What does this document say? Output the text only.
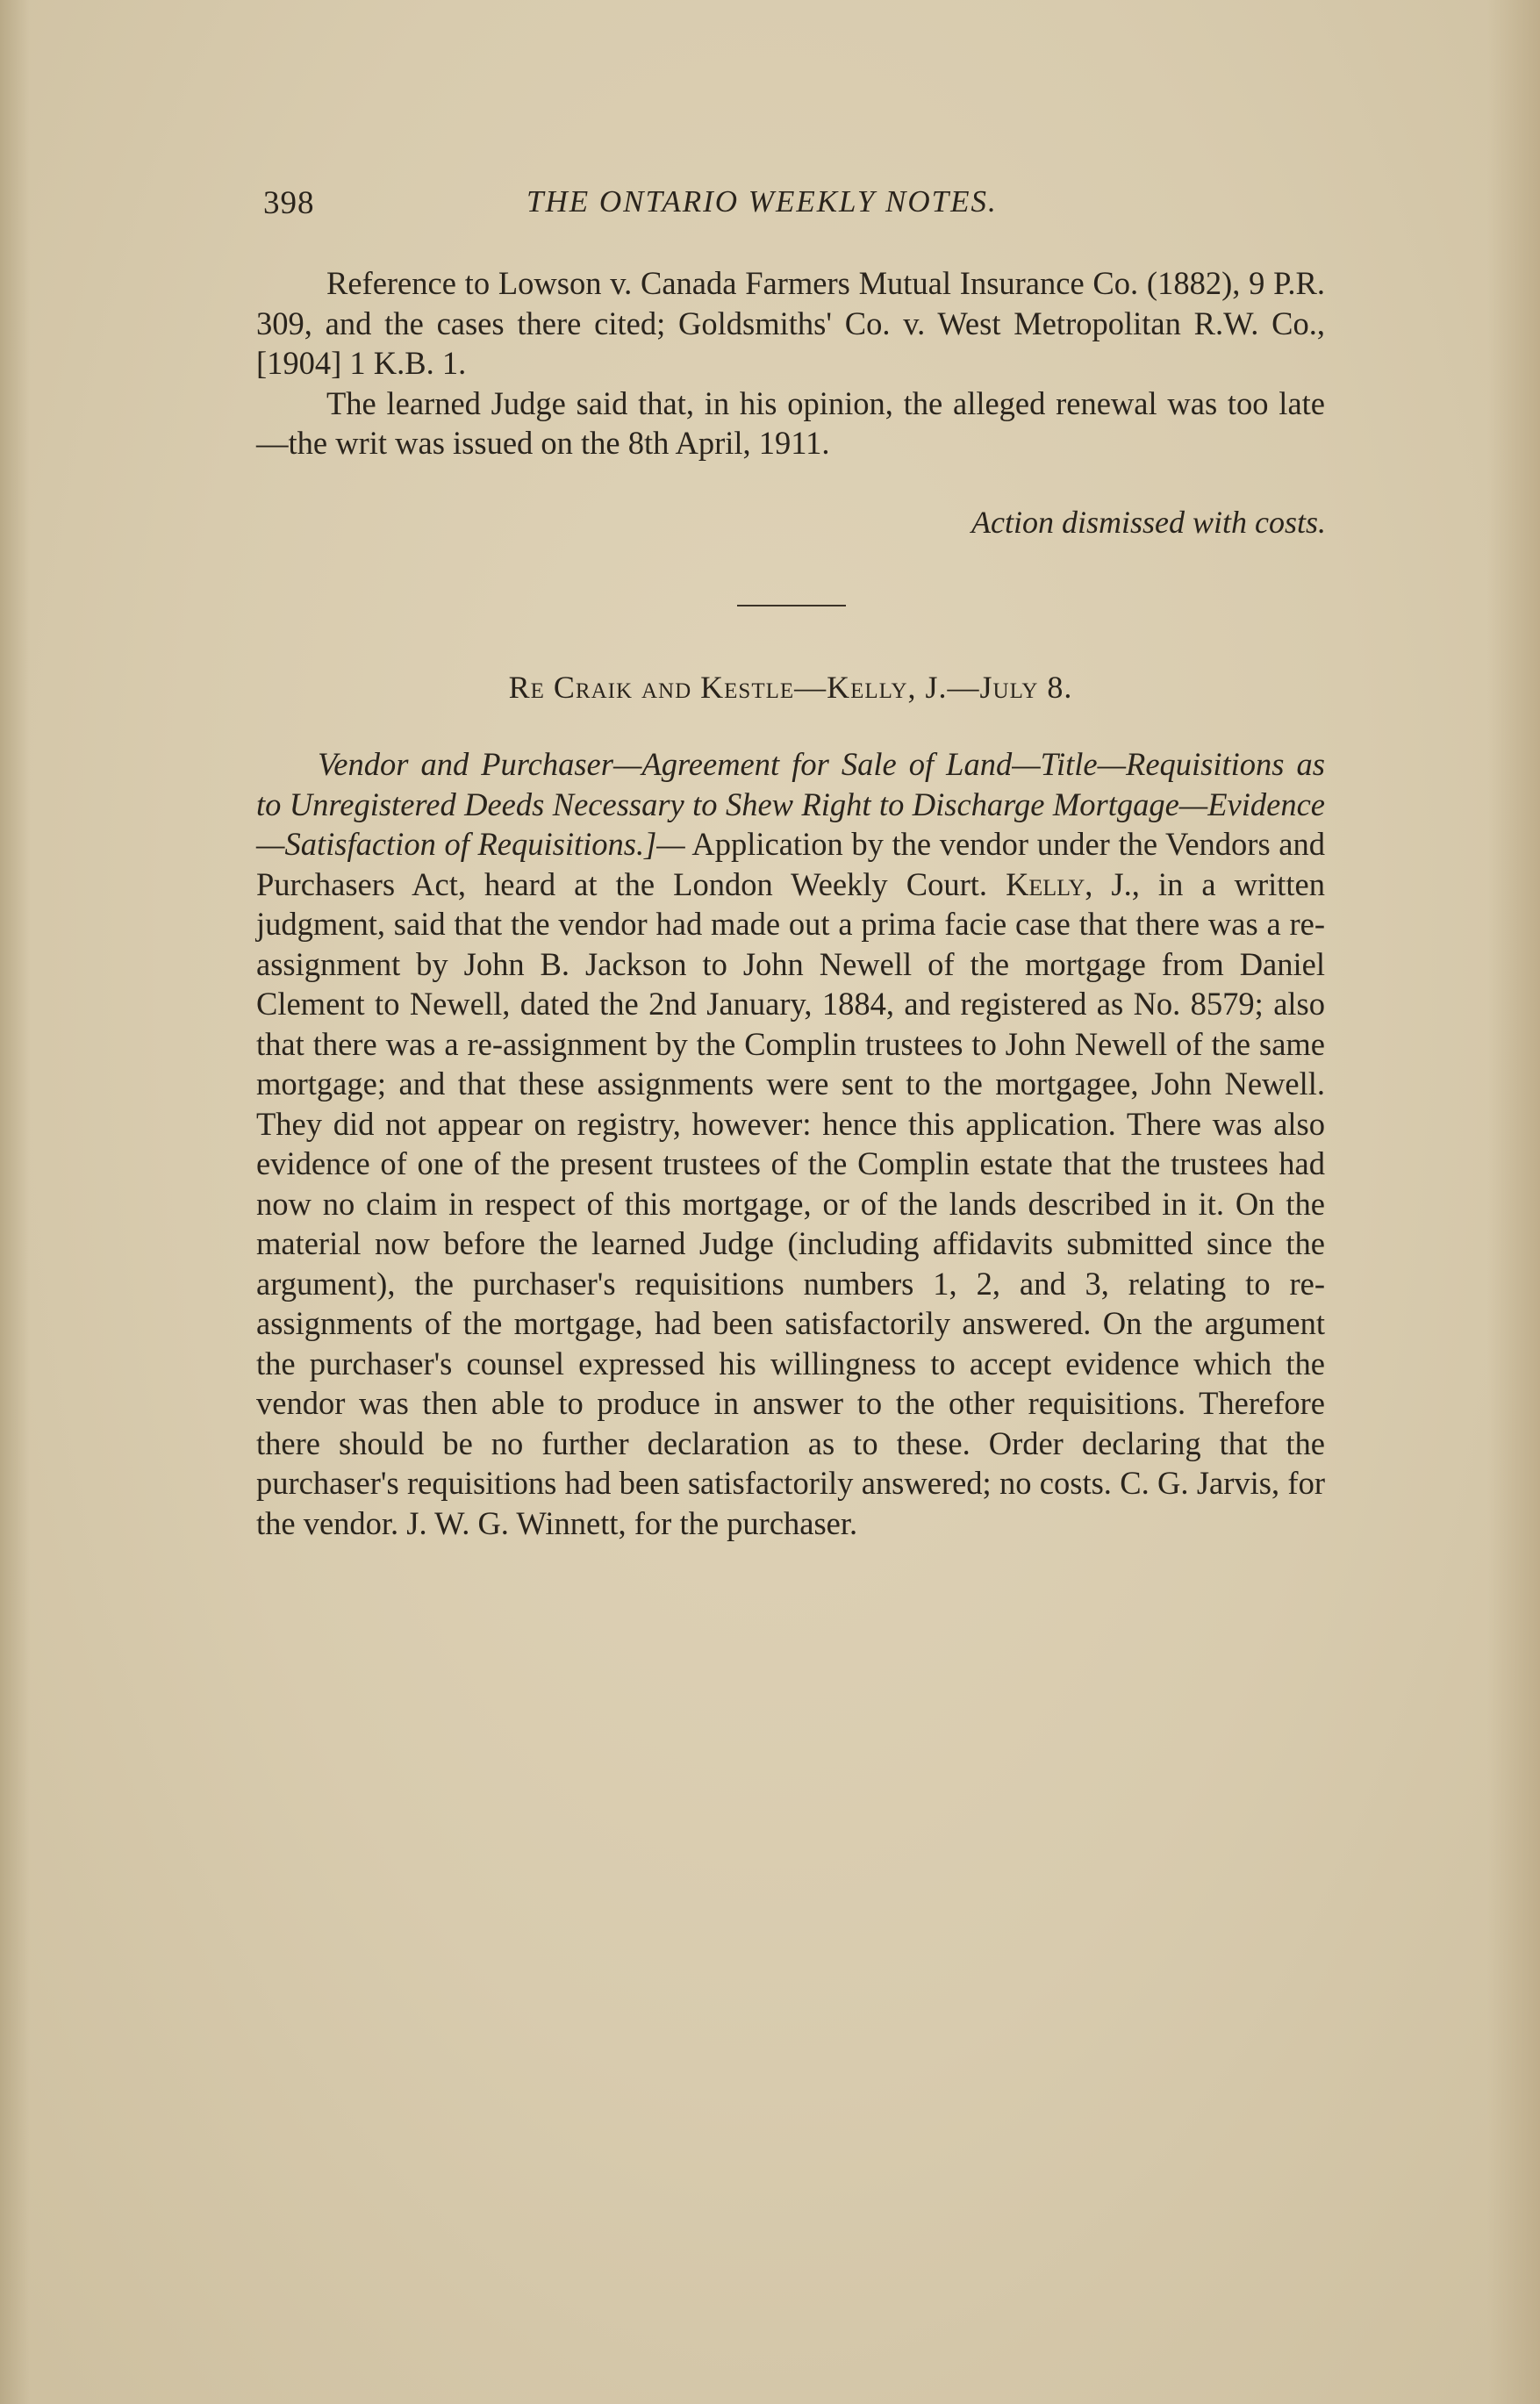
398	THE ONTARIO WEEKLY NOTES.

Reference to Lowson v. Canada Farmers Mutual Insurance Co. (1882), 9 P.R. 309, and the cases there cited; Goldsmiths' Co. v. West Metropolitan R.W. Co., [1904] 1 K.B. 1.

The learned Judge said that, in his opinion, the alleged renewal was too late—the writ was issued on the 8th April, 1911.

Action dismissed with costs.
Re Craik and Kestle—Kelly, J.—July 8.

Vendor and Purchaser—Agreement for Sale of Land—Title—Requisitions as to Unregistered Deeds Necessary to Shew Right to Discharge Mortgage—Evidence—Satisfaction of Requisitions.]— Application by the vendor under the Vendors and Purchasers Act, heard at the London Weekly Court. Kelly, J., in a written judgment, said that the vendor had made out a prima facie case that there was a re-assignment by John B. Jackson to John Newell of the mortgage from Daniel Clement to Newell, dated the 2nd January, 1884, and registered as No. 8579; also that there was a re-assignment by the Complin trustees to John Newell of the same mortgage; and that these assignments were sent to the mortgagee, John Newell. They did not appear on registry, however: hence this application. There was also evidence of one of the present trustees of the Complin estate that the trustees had now no claim in respect of this mortgage, or of the lands described in it. On the material now before the learned Judge (including affidavits submitted since the argument), the purchaser's requisitions numbers 1, 2, and 3, relating to re-assignments of the mortgage, had been satisfactorily answered. On the argument the purchaser's counsel expressed his willingness to accept evidence which the vendor was then able to produce in answer to the other requisitions. Therefore there should be no further declaration as to these. Order declaring that the purchaser's requisitions had been satisfactorily answered; no costs. C. G. Jarvis, for the vendor. J. W. G. Winnett, for the purchaser.
